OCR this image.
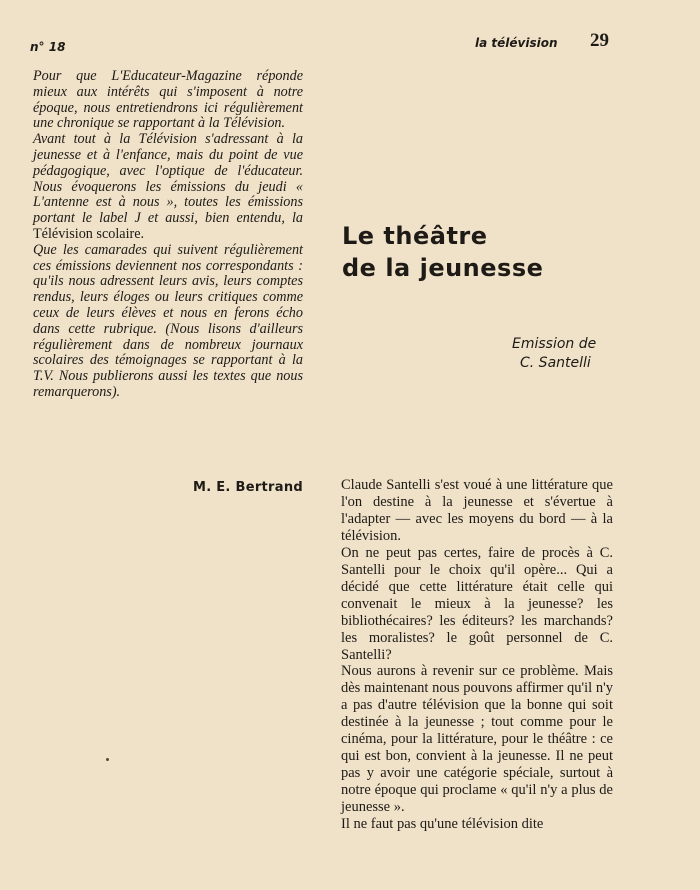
n° 18	la télévision 29

Pour que L'Educateur-Magazine réponde mieux aux intérêts qui s'imposent à notre époque, nous entretiendrons ici régulièrement une chronique se rapportant à la Télévision.

Avant tout à la Télévision s'adressant à la jeunesse et à l'enfance, mais du point de vue pédagogique, avec l'optique de l'éducateur. Nous évoquerons les émissions du jeudi « L'antenne est à nous », toutes les émissions portant le label J et aussi, bien entendu, la Télévision scolaire.

Que les camarades qui suivent régulièrement ces émissions deviennent nos correspondants : qu'ils nous adressent leurs avis, leurs comptes rendus, leurs éloges ou leurs critiques comme ceux de leurs élèves et nous en ferons écho dans cette rubrique. (Nous lisons d'ailleurs régulièrement dans de nombreux journaux scolaires des témoignages se rapportant à la T.V. Nous publierons aussi les textes que nous remarquerons).

M. E. Bertrand
Le théâtre
de la jeunesse
Emission de
C. Santelli

Claude Santelli s'est voué à une littérature que l'on destine à la jeunesse et s'évertue à l'adapter — avec les moyens du bord — à la télévision.

On ne peut pas certes, faire de procès à C. Santelli pour le choix qu'il opère... Qui a décidé que cette littérature était celle qui convenait le mieux à la jeunesse? les bibliothécaires? les éditeurs? les marchands? les moralistes? le goût personnel de C. Santelli?

Nous aurons à revenir sur ce problème. Mais dès maintenant nous pouvons affirmer qu'il n'y a pas d'autre télévision que la bonne qui soit destinée à la jeunesse ; tout comme pour le cinéma, pour la littérature, pour le théâtre : ce qui est bon, convient à la jeunesse. Il ne peut pas y avoir une catégorie spéciale, surtout à notre époque qui proclame « qu'il n'y a plus de jeunesse ».

Il ne faut pas qu'une télévision dite
